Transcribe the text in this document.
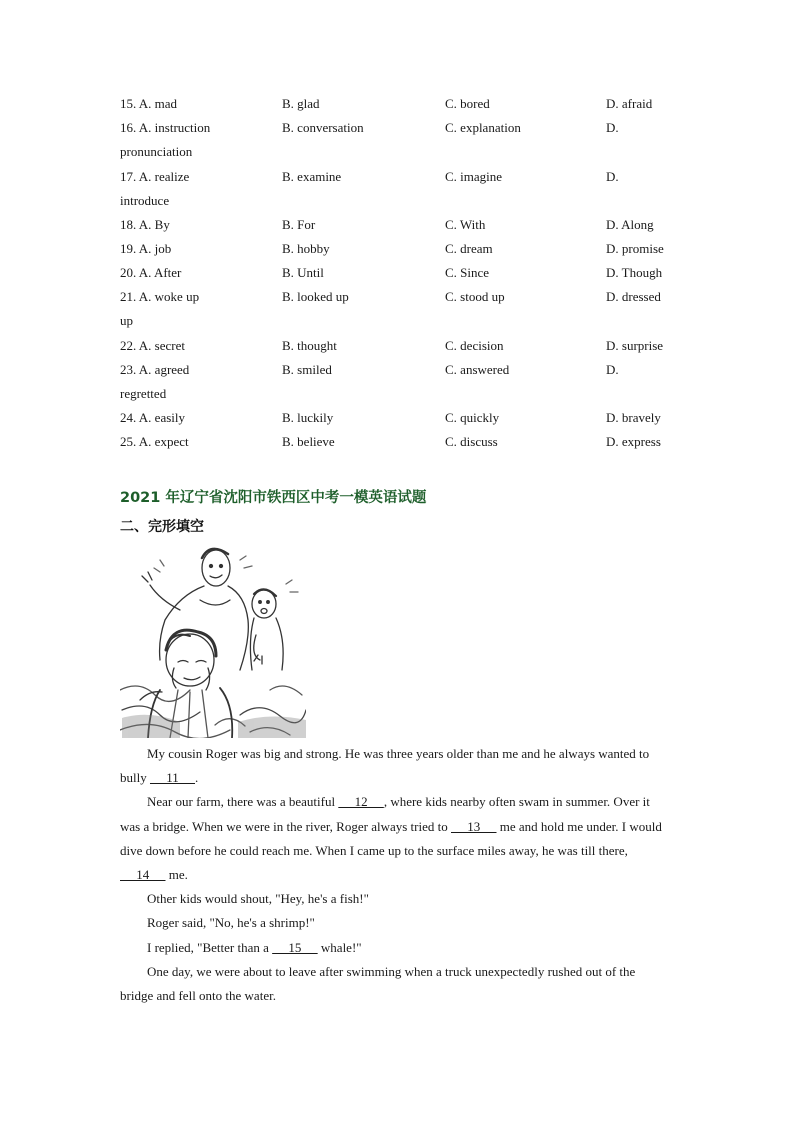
15. A. mad	B. glad	C. bored	D. afraid
16. A. instruction	B. conversation	C. explanation	D.
pronunciation
17. A. realize	B. examine	C. imagine	D.
introduce
18. A. By	B. For	C. With	D. Along
19. A. job	B. hobby	C. dream	D. promise
20. A. After	B. Until	C. Since	D. Though
21. A. woke up	B. looked up	C. stood up	D. dressed
up
22. A. secret	B. thought	C. decision	D. surprise
23. A. agreed	B. smiled	C. answered	D.
regretted
24. A. easily	B. luckily	C. quickly	D. bravely
25. A. expect	B. believe	C. discuss	D. express
2021 年辽宁省沈阳市铁西区中考一模英语试题
二、完形填空

My cousin Roger was big and strong. He was three years older than me and he always wanted to bully      11     .

Near our farm, there was a beautiful      12     , where kids nearby often swam in summer. Over it was a bridge. When we were in the river, Roger always tried to      13      me and hold me under. I would dive down before he could reach me. When I came up to the surface miles away, he was till there,      14      me.

Other kids would shout, "Hey, he's a fish!"

Roger said, "No, he's a shrimp!"

I replied, "Better than a      15      whale!"

One day, we were about to leave after swimming when a truck unexpectedly rushed out of the bridge and fell onto the water.
